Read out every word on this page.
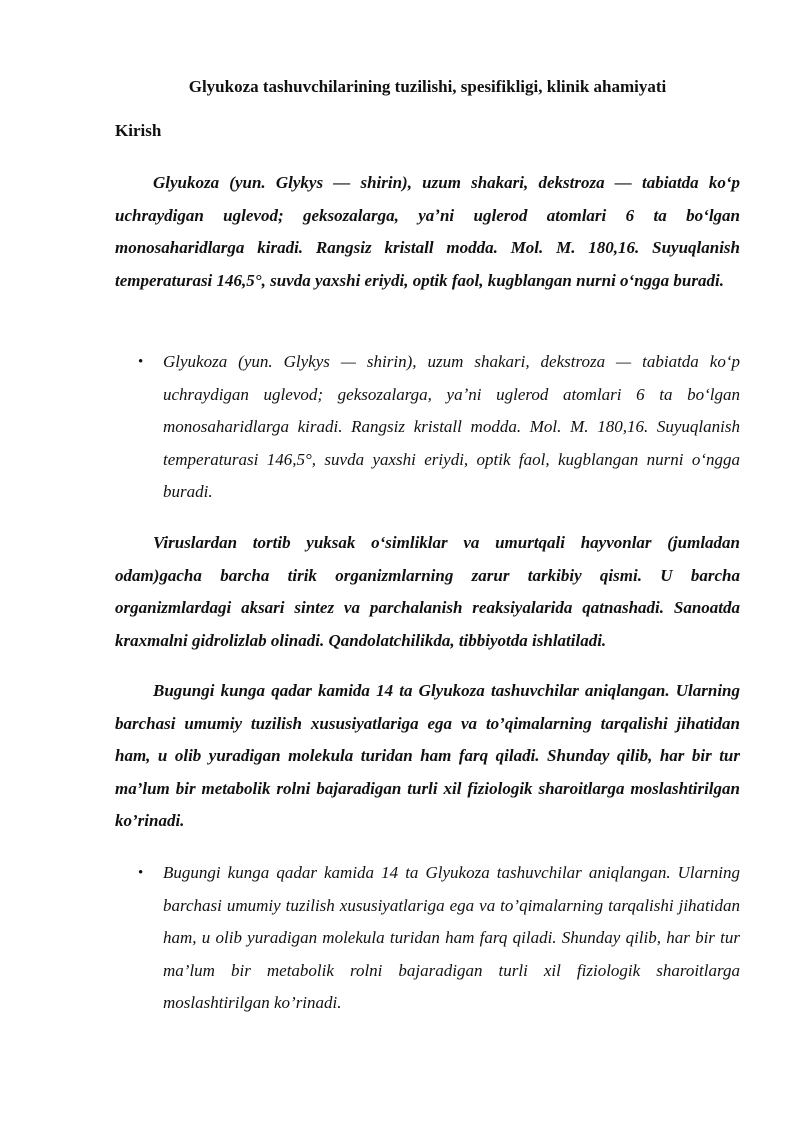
Glyukoza tashuvchilarining tuzilishi, spesifikligi, klinik ahamiyati
Kirish

Glyukoza (yun. Glykys — shirin), uzum shakari, dekstroza — tabiatda koʻp uchraydigan uglevod; geksozalarga, yaʼni uglerod atomlari 6 ta boʻlgan monosaharidlarga kiradi. Rangsiz kristall modda. Mol. M. 180,16. Suyuqlanish temperaturasi 146,5°, suvda yaxshi eriydi, optik faol, kugblangan nurni oʻngga buradi.

• Glyukoza (yun. Glykys — shirin), uzum shakari, dekstroza — tabiatda koʻp uchraydigan uglevod; geksozalarga, yaʼni uglerod atomlari 6 ta boʻlgan monosaharidlarga kiradi. Rangsiz kristall modda. Mol. M. 180,16. Suyuqlanish temperaturasi 146,5°, suvda yaxshi eriydi, optik faol, kugblangan nurni oʻngga buradi.

Viruslardan tortib yuksak oʻsimliklar va umurtqali hayvonlar (jumladan odam)gacha barcha tirik organizmlarning zarur tarkibiy qismi. U barcha organizmlardagi aksari sintez va parchalanish reaksiyalarida qatnashadi. Sanoatda kraxmalni gidrolizlab olinadi. Qandolatchilikda, tibbiyotda ishlatiladi.

Bugungi kunga qadar kamida 14 ta Glyukoza tashuvchilar aniqlangan. Ularning barchasi umumiy tuzilish xususiyatlariga ega va to’qimalarning tarqalishi jihatidan ham, u olib yuradigan molekula turidan ham farq qiladi. Shunday qilib, har bir tur ma’lum bir metabolik rolni bajaradigan turli xil fiziologik sharoitlarga moslashtirilgan ko’rinadi.

• Bugungi kunga qadar kamida 14 ta Glyukoza tashuvchilar aniqlangan. Ularning barchasi umumiy tuzilish xususiyatlariga ega va to’qimalarning tarqalishi jihatidan ham, u olib yuradigan molekula turidan ham farq qiladi. Shunday qilib, har bir tur ma’lum bir metabolik rolni bajaradigan turli xil fiziologik sharoitlarga moslashtirilgan ko’rinadi.
